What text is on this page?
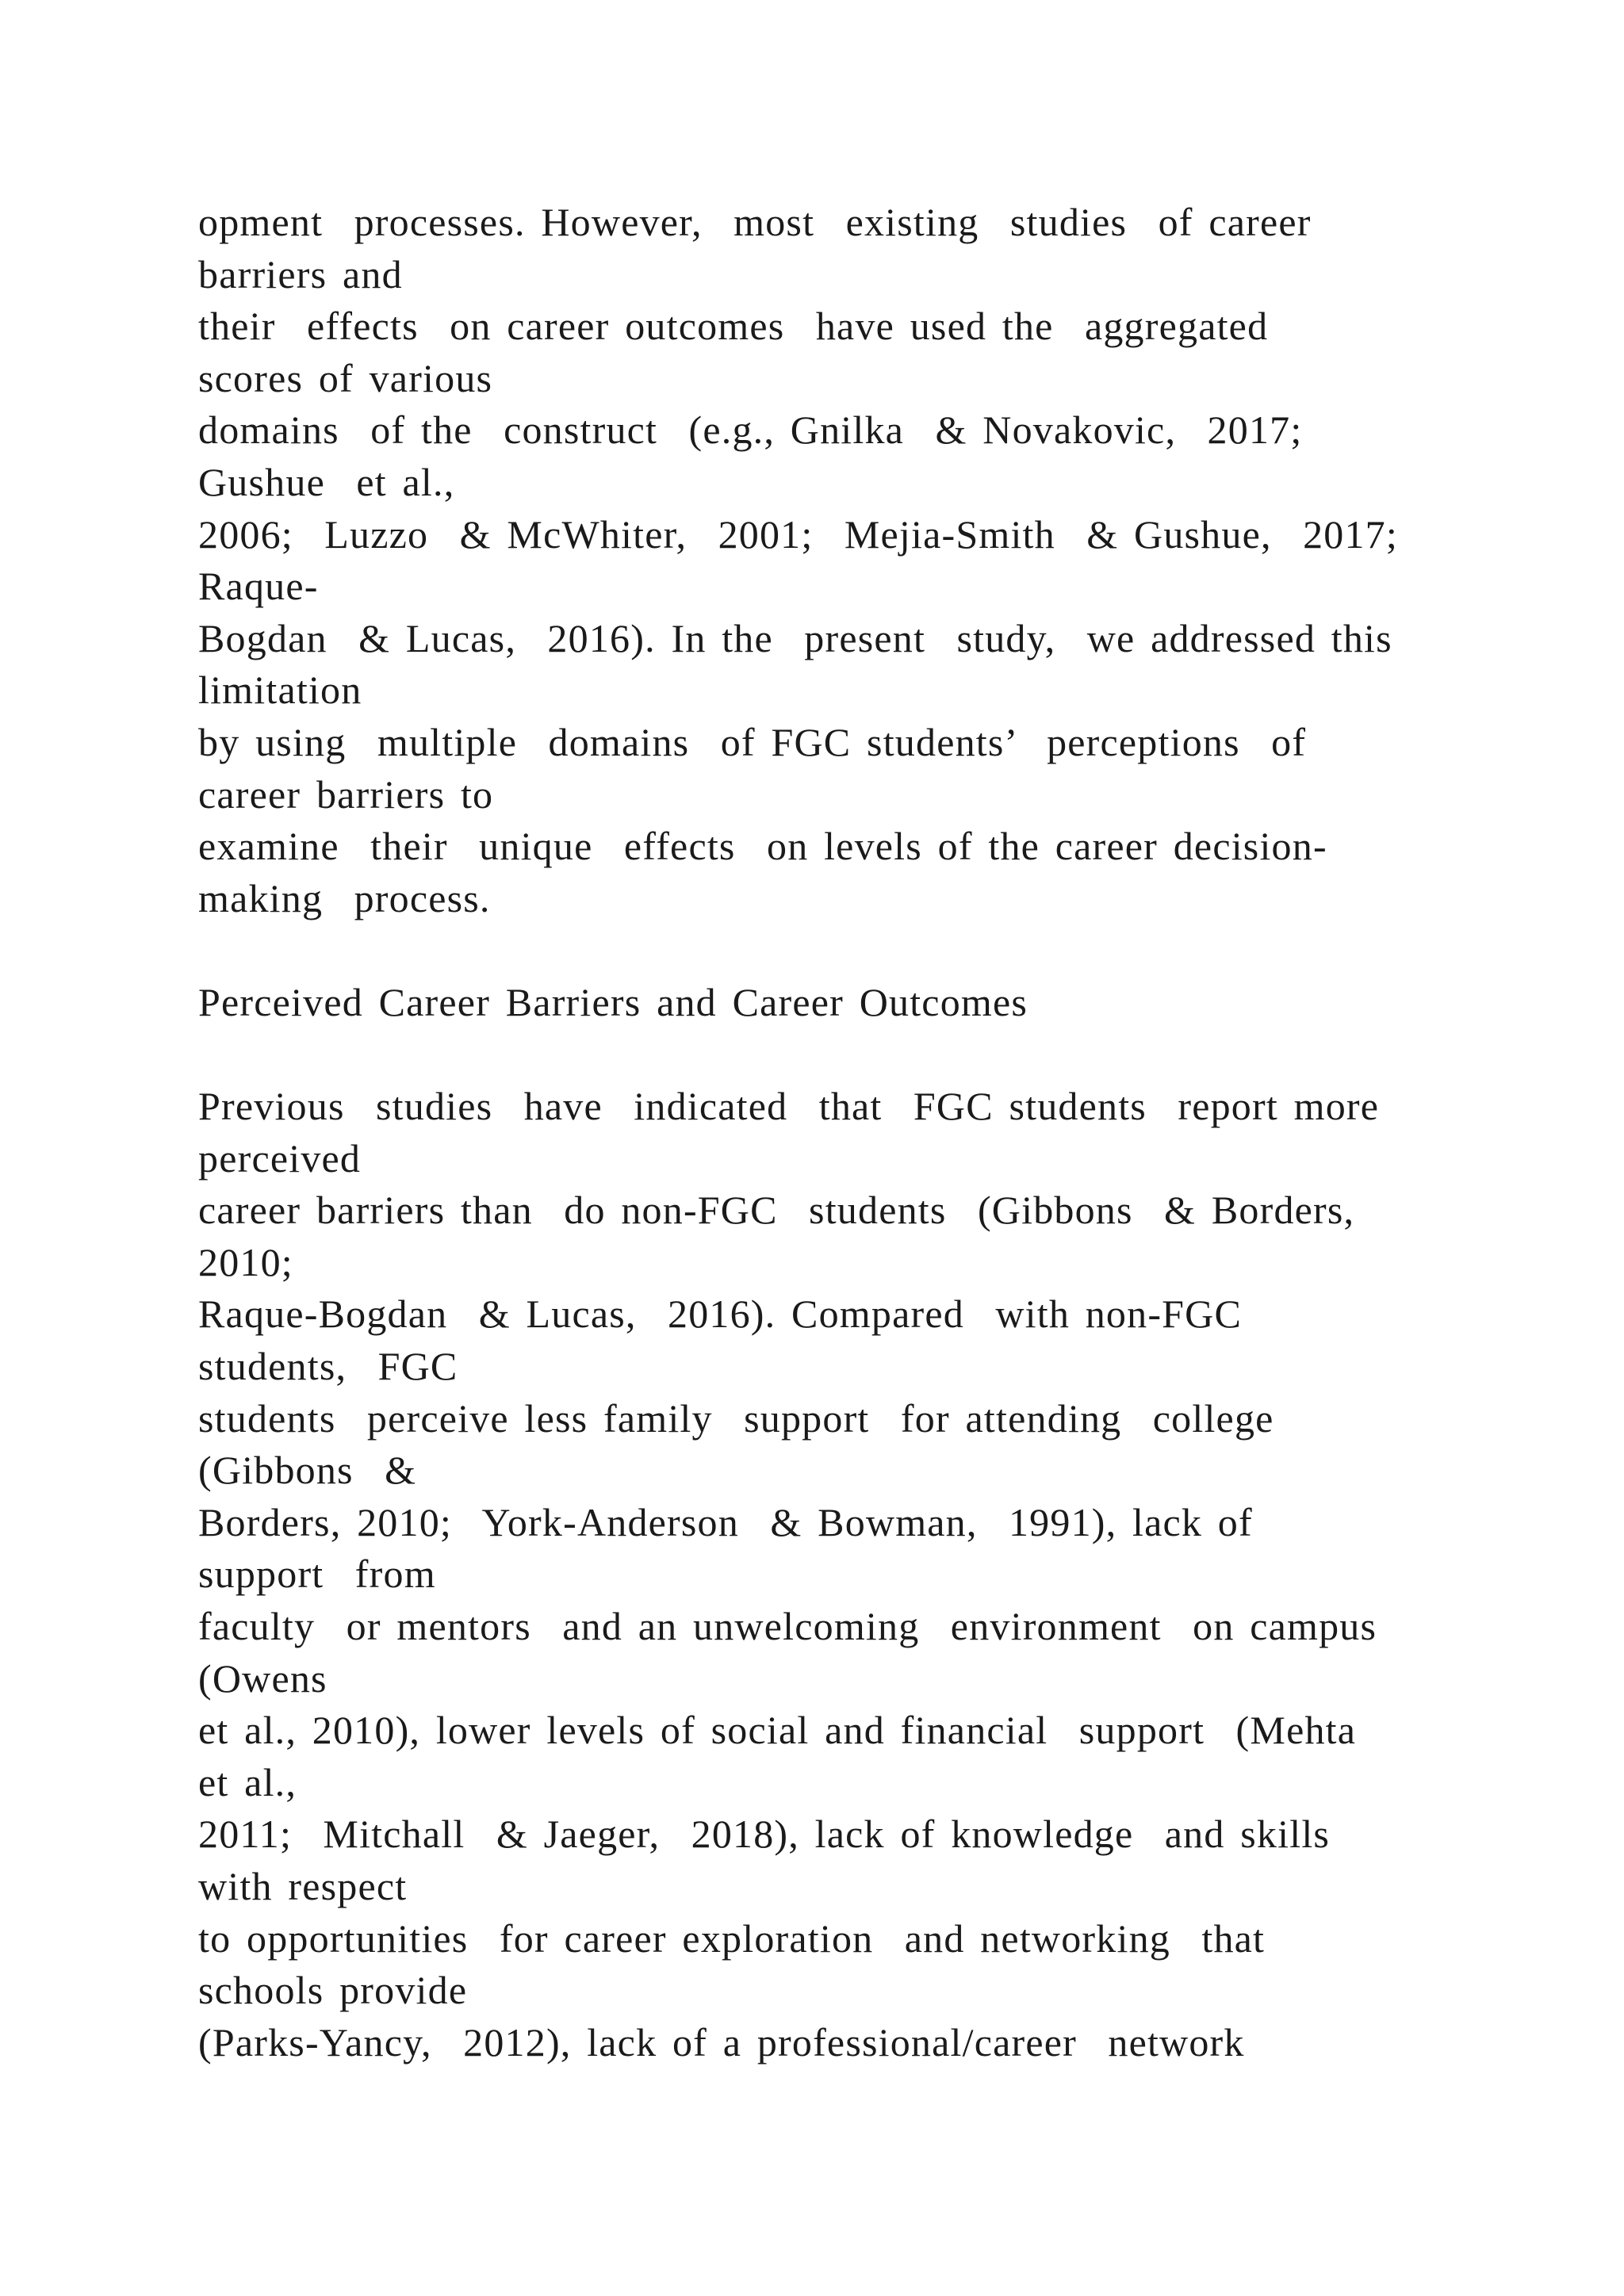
opment  processes. However,  most  existing  studies  of career
barriers and
their  effects  on career outcomes  have used the  aggregated
scores of various
domains  of the  construct  (e.g., Gnilka  & Novakovic,  2017;
Gushue  et al.,
2006;  Luzzo  & McWhiter,  2001;  Mejia-Smith  & Gushue,  2017;
Raque-
Bogdan  & Lucas,  2016). In the  present  study,  we addressed this
limitation
by using  multiple  domains  of FGC students’  perceptions  of
career barriers to
examine  their  unique  effects  on levels of the career decision-
making  process.
Perceived Career Barriers and Career Outcomes
Previous  studies  have  indicated  that  FGC students  report more
perceived
career barriers than  do non-FGC  students  (Gibbons  & Borders,
2010;
Raque-Bogdan  & Lucas,  2016). Compared  with non-FGC
students,  FGC
students  perceive less family  support  for attending  college
(Gibbons  &
Borders, 2010;  York-Anderson  & Bowman,  1991), lack of
support  from
faculty  or mentors  and an unwelcoming  environment  on campus
(Owens
et al., 2010), lower levels of social and financial  support  (Mehta
et al.,
2011;  Mitchall  & Jaeger,  2018), lack of knowledge  and skills
with respect
to opportunities  for career exploration  and networking  that
schools provide
(Parks-Yancy,  2012), lack of a professional/career  network
